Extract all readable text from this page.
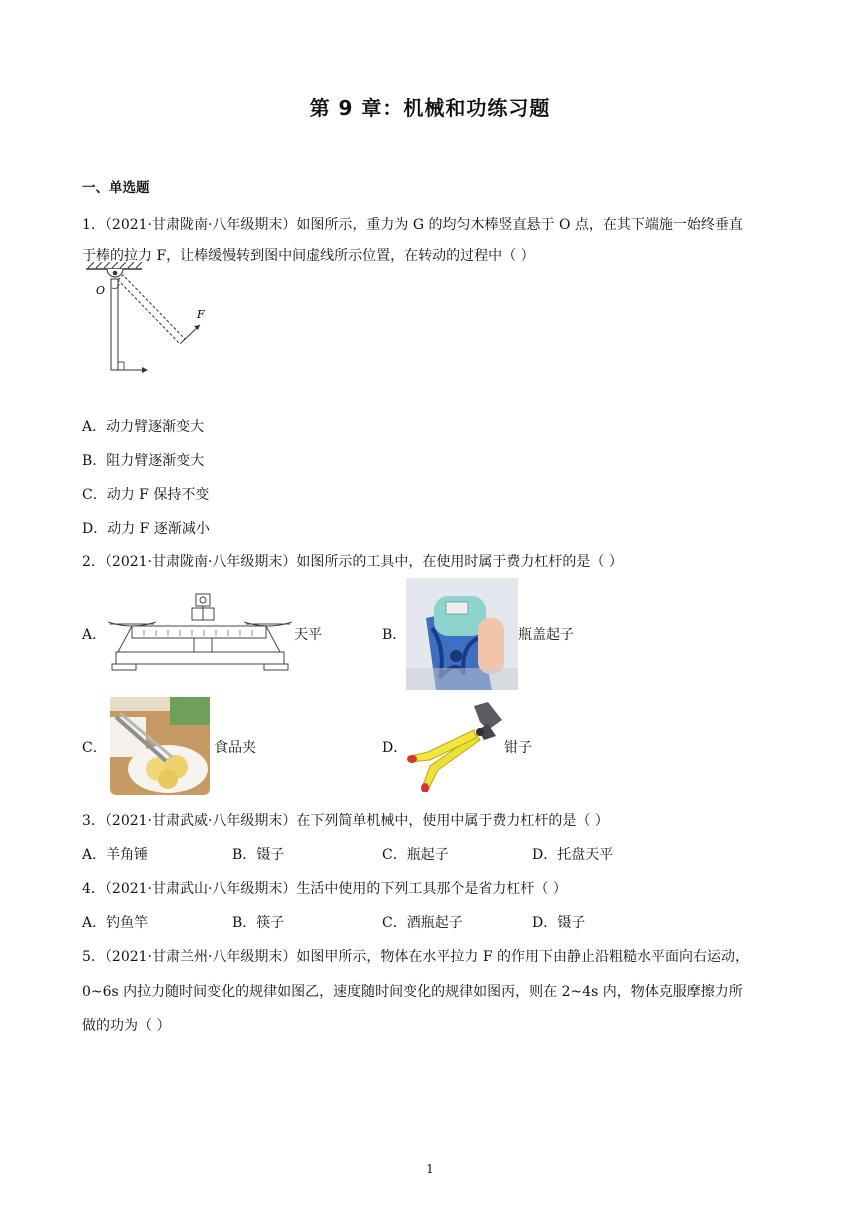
第 9 章：机械和功练习题
一、单选题
1．（2021·甘肃陇南·八年级期末）如图所示，重力为 G 的均匀木棒竖直悬于 O 点，在其下端施一始终垂直
于棒的拉力 F，让棒缓慢转到图中间虚线所示位置，在转动的过程中（ ）
O
F
A．动力臂逐渐变大
B．阻力臂逐渐变大
C．动力 F 保持不变
D．动力 F 逐渐减小
2．（2021·甘肃陇南·八年级期末）如图所示的工具中，在使用时属于费力杠杆的是（ ）
A．	天平	B．	瓶盖起子
C．	食品夹	D．	钳子
3．（2021·甘肃武威·八年级期末）在下列简单机械中，使用中属于费力杠杆的是（ ）
A．羊角锤	B．镊子	C．瓶起子	D．托盘天平
4．（2021·甘肃武山·八年级期末）生活中使用的下列工具那个是省力杠杆（ ）
A．钓鱼竿	B．筷子	C．酒瓶起子	D．镊子
5．（2021·甘肃兰州·八年级期末）如图甲所示，物体在水平拉力 F 的作用下由静止沿粗糙水平面向右运动，
0~6s 内拉力随时间变化的规律如图乙，速度随时间变化的规律如图丙，则在 2~4s 内，物体克服摩擦力所
做的功为（ ）
1
